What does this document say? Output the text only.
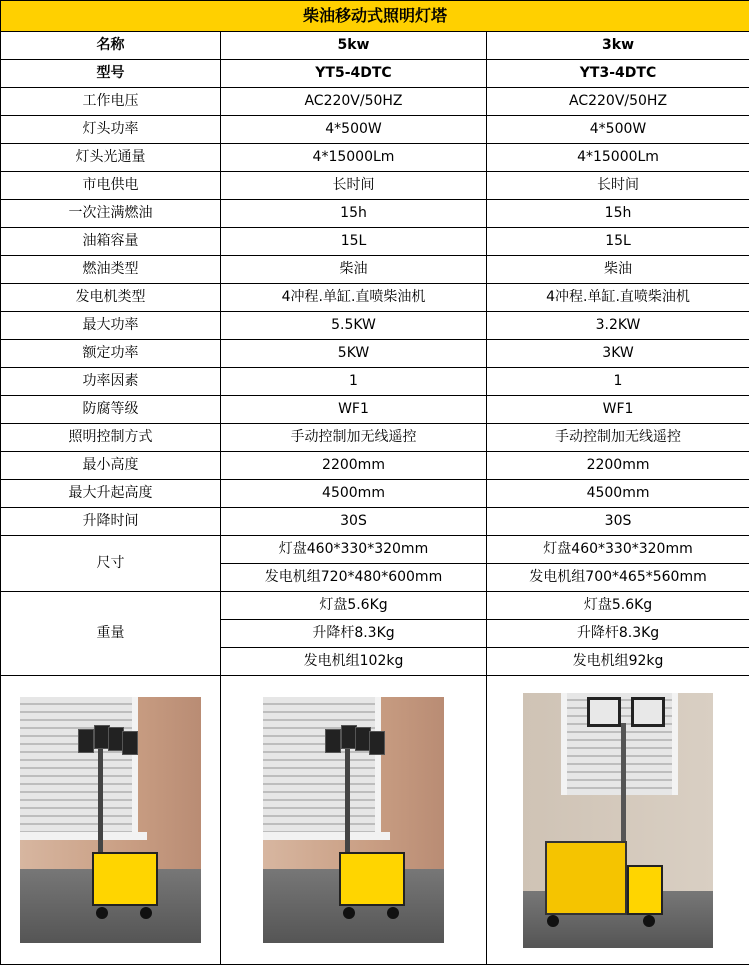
柴油移动式照明灯塔		
名称	5kw	3kw
型号	YT5-4DTC	YT3-4DTC
工作电压	AC220V/50HZ	AC220V/50HZ
灯头功率	4*500W	4*500W
灯头光通量	4*15000Lm	4*15000Lm
市电供电	长时间	长时间
一次注满燃油	15h	15h
油箱容量	15L	15L
燃油类型	柴油	柴油
发电机类型	4冲程.单缸.直喷柴油机	4冲程.单缸.直喷柴油机
最大功率	5.5KW	3.2KW
额定功率	5KW	3KW
功率因素	1	1
防腐等级	WF1	WF1
照明控制方式	手动控制加无线遥控	手动控制加无线遥控
最小高度	2200mm	2200mm
最大升起高度	4500mm	4500mm
升降时间	30S	30S
尺寸	灯盘460*330*320mm	灯盘460*330*320mm
	发电机组720*480*600mm	发电机组700*465*560mm
重量	灯盘5.6Kg	灯盘5.6Kg
	升降杆8.3Kg	升降杆8.3Kg
	发电机组102kg	发电机组92kg
